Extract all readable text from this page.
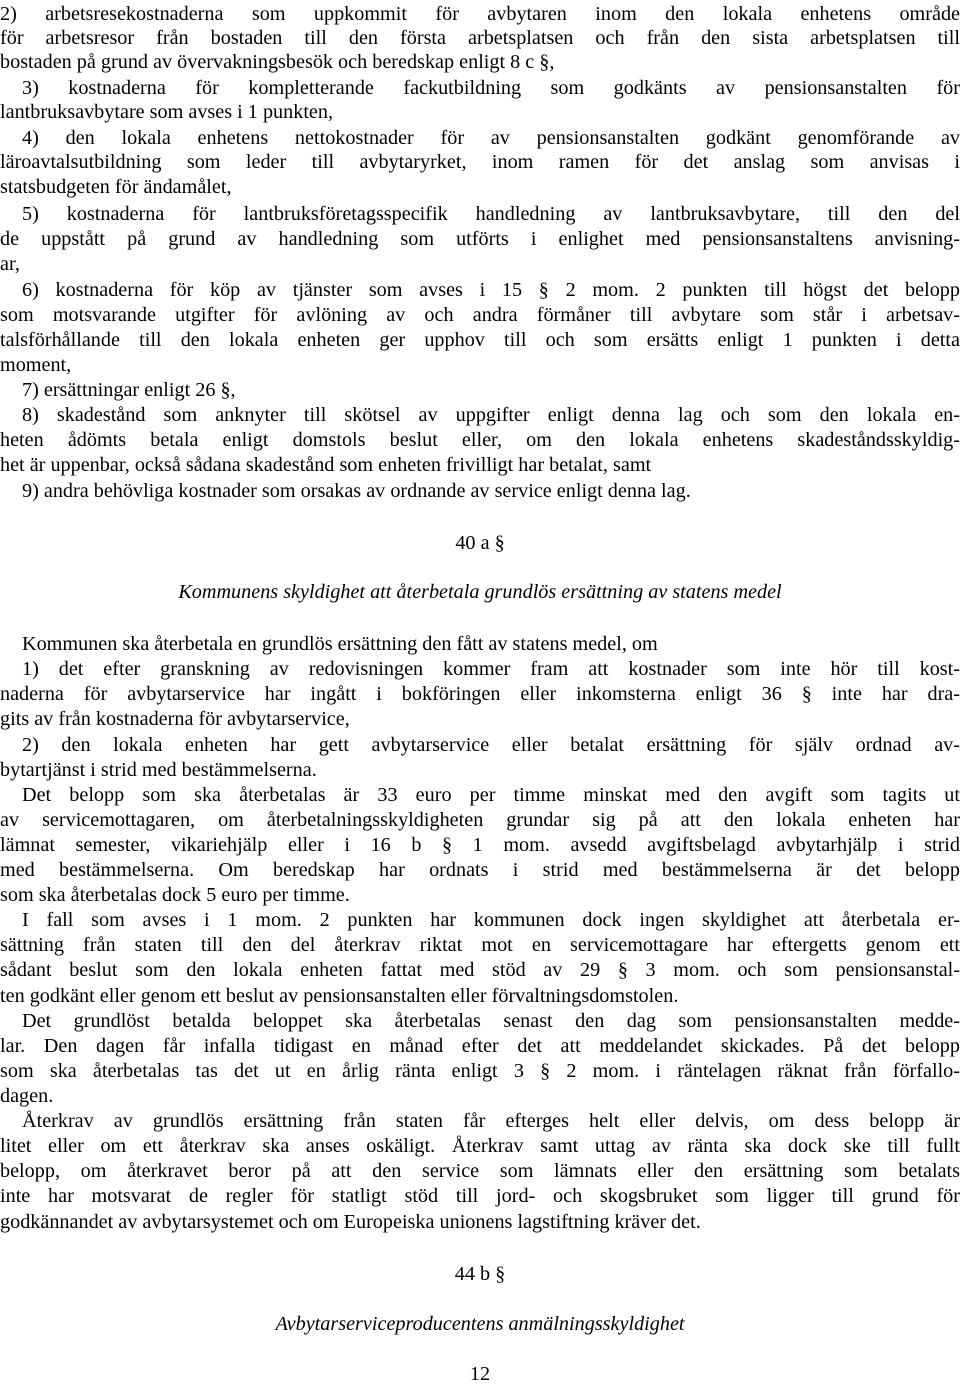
2) arbetsresekostnaderna som uppkommit för avbytaren inom den lokala enhetens område
för arbetsresor från bostaden till den första arbetsplatsen och från den sista arbetsplatsen till
bostaden på grund av övervakningsbesök och beredskap enligt 8 c §,
3) kostnaderna för kompletterande fackutbildning som godkänts av pensionsanstalten för
lantbruksavbytare som avses i 1 punkten,
4) den lokala enhetens nettokostnader för av pensionsanstalten godkänt genomförande av
läroavtalsutbildning som leder till avbytaryrket, inom ramen för det anslag som anvisas i
statsbudgeten för ändamålet,
5) kostnaderna för lantbruksföretagsspecifik handledning av lantbruksavbytare, till den del
de uppstått på grund av handledning som utförts i enlighet med pensionsanstaltens anvisning-
ar,
6) kostnaderna för köp av tjänster som avses i 15 § 2 mom. 2 punkten till högst det belopp
som motsvarande utgifter för avlöning av och andra förmåner till avbytare som står i arbetsav-
talsförhållande till den lokala enheten ger upphov till och som ersätts enligt 1 punkten i detta
moment,
7) ersättningar enligt 26 §,
8) skadestånd som anknyter till skötsel av uppgifter enligt denna lag och som den lokala en-
heten ådömts betala enligt domstols beslut eller, om den lokala enhetens skadeståndsskyldig-
het är uppenbar, också sådana skadestånd som enheten frivilligt har betalat, samt
9) andra behövliga kostnader som orsakas av ordnande av service enligt denna lag.
40 a §
Kommunens skyldighet att återbetala grundlös ersättning av statens medel
Kommunen ska återbetala en grundlös ersättning den fått av statens medel, om
1) det efter granskning av redovisningen kommer fram att kostnader som inte hör till kost-
naderna för avbytarservice har ingått i bokföringen eller inkomsterna enligt 36 § inte har dra-
gits av från kostnaderna för avbytarservice,
2) den lokala enheten har gett avbytarservice eller betalat ersättning för själv ordnad av-
bytartjänst i strid med bestämmelserna.
Det belopp som ska återbetalas är 33 euro per timme minskat med den avgift som tagits ut
av servicemottagaren, om återbetalningsskyldigheten grundar sig på att den lokala enheten har
lämnat semester, vikariehjälp eller i 16 b § 1 mom. avsedd avgiftsbelagd avbytarhjälp i strid
med bestämmelserna. Om beredskap har ordnats i strid med bestämmelserna är det belopp
som ska återbetalas dock 5 euro per timme.
I fall som avses i 1 mom. 2 punkten har kommunen dock ingen skyldighet att återbetala er-
sättning från staten till den del återkrav riktat mot en servicemottagare har eftergetts genom ett
sådant beslut som den lokala enheten fattat med stöd av 29 § 3 mom. och som pensionsanstal-
ten godkänt eller genom ett beslut av pensionsanstalten eller förvaltningsdomstolen.
Det grundlöst betalda beloppet ska återbetalas senast den dag som pensionsanstalten medde-
lar. Den dagen får infalla tidigast en månad efter det att meddelandet skickades. På det belopp
som ska återbetalas tas det ut en årlig ränta enligt 3 § 2 mom. i räntelagen räknat från förfallo-
dagen.
Återkrav av grundlös ersättning från staten får efterges helt eller delvis, om dess belopp är
litet eller om ett återkrav ska anses oskäligt. Återkrav samt uttag av ränta ska dock ske till fullt
belopp, om återkravet beror på att den service som lämnats eller den ersättning som betalats
inte har motsvarat de regler för statligt stöd till jord- och skogsbruket som ligger till grund för
godkännandet av avbytarsystemet och om Europeiska unionens lagstiftning kräver det.
44 b §
Avbytarserviceproducentens anmälningsskyldighet
12
